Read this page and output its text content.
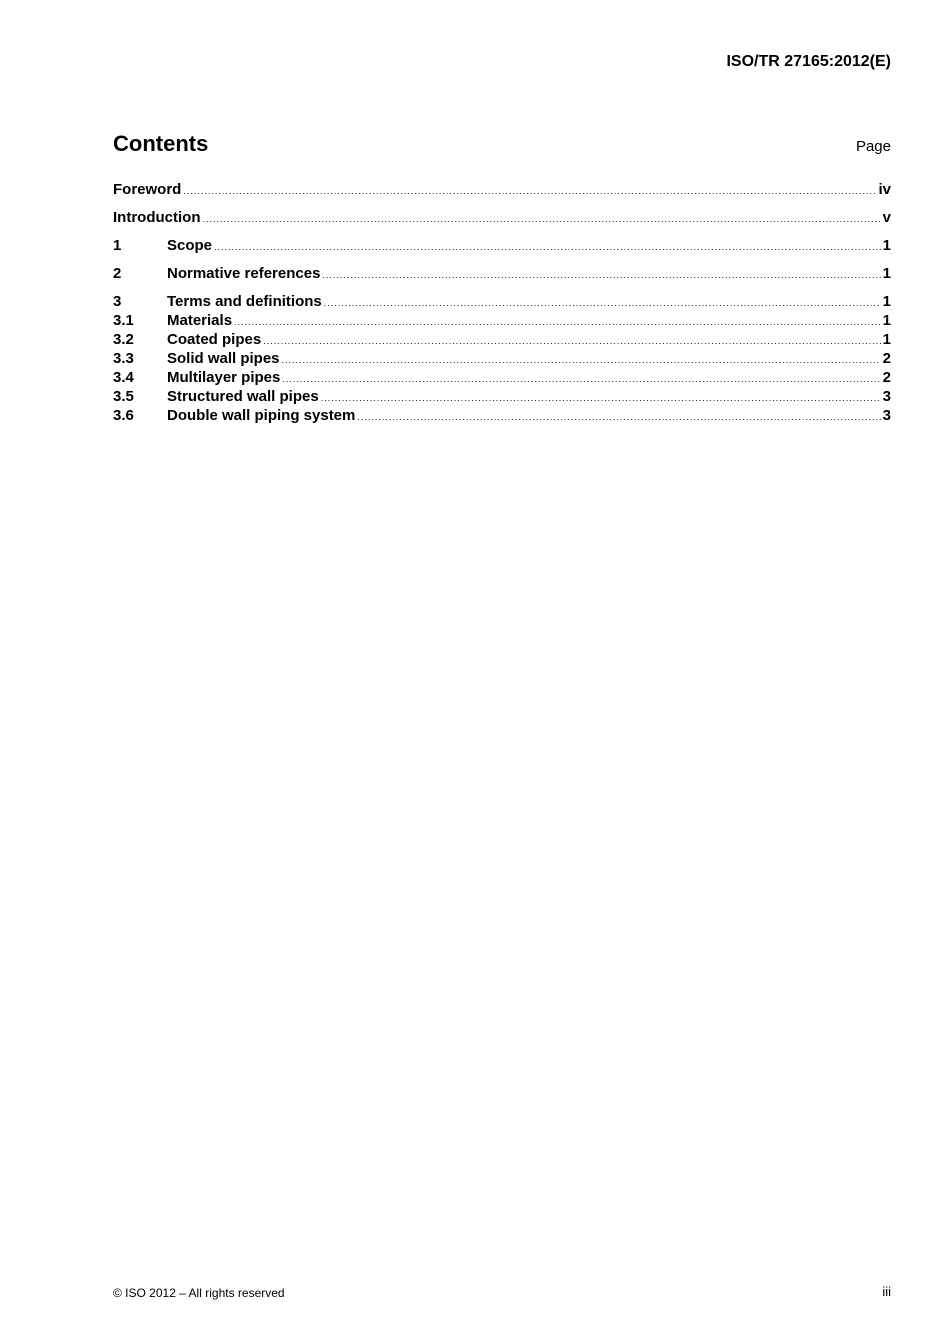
ISO/TR 27165:2012(E)
Contents	Page
Foreword .....	iv
Introduction .....	v
1	Scope .....	1
2	Normative references .....	1
3	Terms and definitions .....	1
3.1	Materials .....	1
3.2	Coated pipes .....	1
3.3	Solid wall pipes .....	2
3.4	Multilayer pipes .....	2
3.5	Structured wall pipes .....	3
3.6	Double wall piping system .....	3
© ISO 2012 – All rights reserved	iii
